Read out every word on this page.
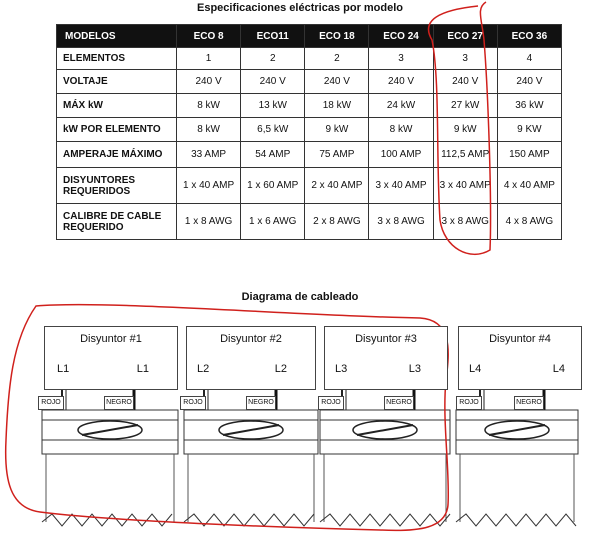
Especificaciones eléctricas por modelo
MODELOS	ECO 8	ECO11	ECO 18	ECO 24	ECO 27	ECO 36
ELEMENTOS	1	2	2	3	3	4
VOLTAJE	240 V	240 V	240 V	240 V	240 V	240 V
MÁX kW	8 kW	13 kW	18 kW	24 kW	27 kW	36 kW
kW POR ELEMENTO	8 kW	6,5 kW	9 kW	8 kW	9 kW	9 KW
AMPERAJE MÁXIMO	33 AMP	54 AMP	75 AMP	100 AMP	112,5 AMP	150 AMP
DISYUNTORES REQUERIDOS	1 x 40 AMP	1 x 60 AMP	2 x 40 AMP	3 x 40 AMP	3 x 40 AMP	4 x 40 AMP
CALIBRE DE CABLE REQUERIDO	1 x 8 AWG	1 x 6 AWG	2 x 8 AWG	3 x 8 AWG	3 x 8 AWG	4 x 8 AWG
Diagrama de cableado
Disyuntor #1
L1	L1
Disyuntor #2
L2	L2
Disyuntor #3
L3	L3
Disyuntor #4
L4	L4
ROJO	NEGRO	ROJO	NEGRO	ROJO	NEGRO	ROJO	NEGRO
